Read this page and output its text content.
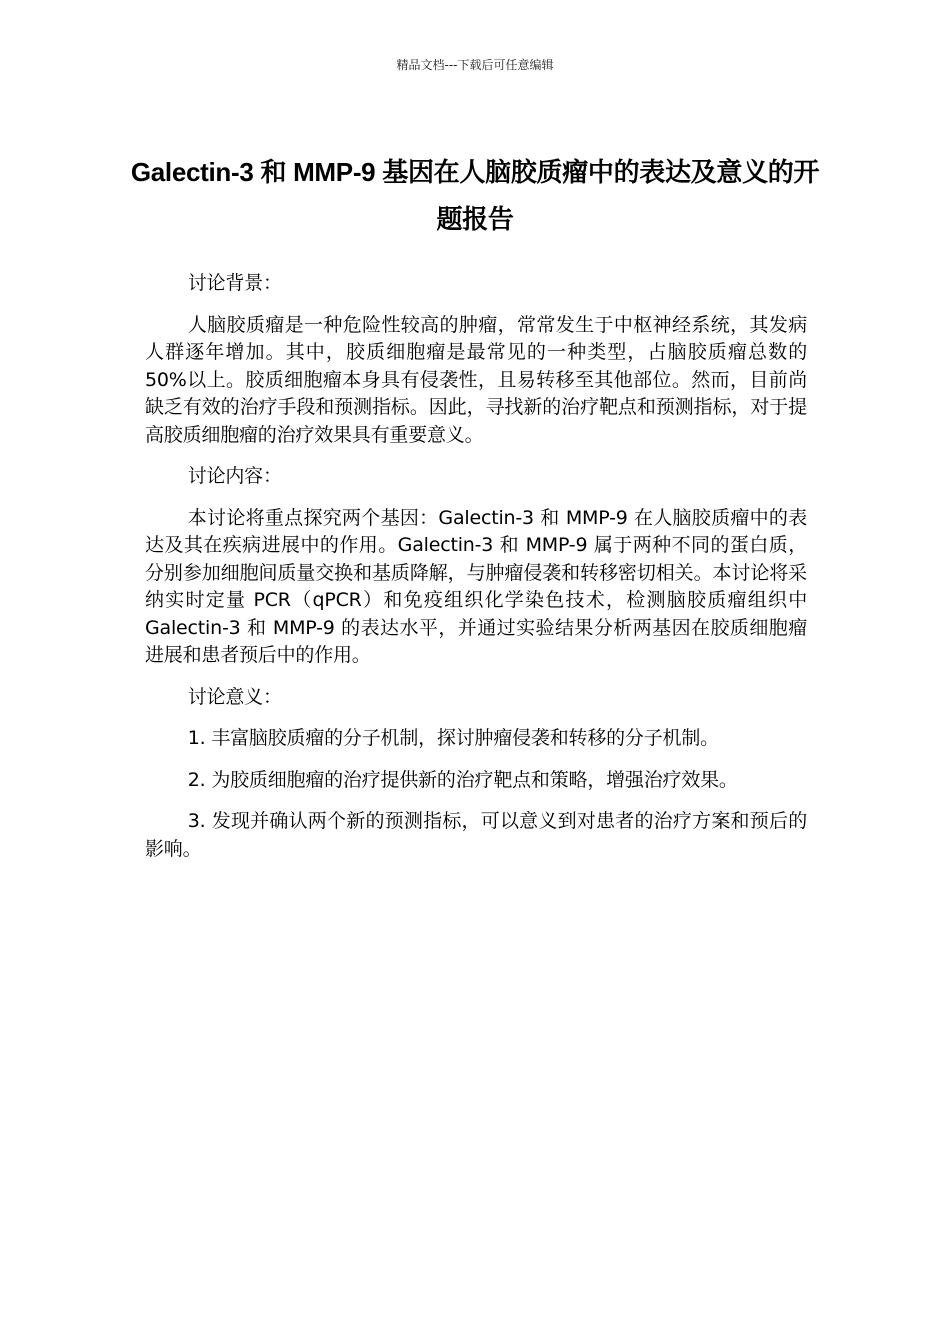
精品文档---下载后可任意编辑
Galectin-3 和 MMP-9 基因在人脑胶质瘤中的表达及意义的开题报告

讨论背景：

人脑胶质瘤是一种危险性较高的肿瘤，常常发生于中枢神经系统，其发病人群逐年增加。其中，胶质细胞瘤是最常见的一种类型，占脑胶质瘤总数的 50%以上。胶质细胞瘤本身具有侵袭性，且易转移至其他部位。然而，目前尚缺乏有效的治疗手段和预测指标。因此，寻找新的治疗靶点和预测指标，对于提高胶质细胞瘤的治疗效果具有重要意义。

讨论内容：

本讨论将重点探究两个基因：Galectin-3 和 MMP-9 在人脑胶质瘤中的表达及其在疾病进展中的作用。Galectin-3 和 MMP-9 属于两种不同的蛋白质，分别参加细胞间质量交换和基质降解，与肿瘤侵袭和转移密切相关。本讨论将采纳实时定量 PCR（qPCR）和免疫组织化学染色技术，检测脑胶质瘤组织中 Galectin-3 和 MMP-9 的表达水平，并通过实验结果分析两基因在胶质细胞瘤进展和患者预后中的作用。

讨论意义：

1. 丰富脑胶质瘤的分子机制，探讨肿瘤侵袭和转移的分子机制。

2. 为胶质细胞瘤的治疗提供新的治疗靶点和策略，增强治疗效果。

3. 发现并确认两个新的预测指标，可以意义到对患者的治疗方案和预后的影响。
